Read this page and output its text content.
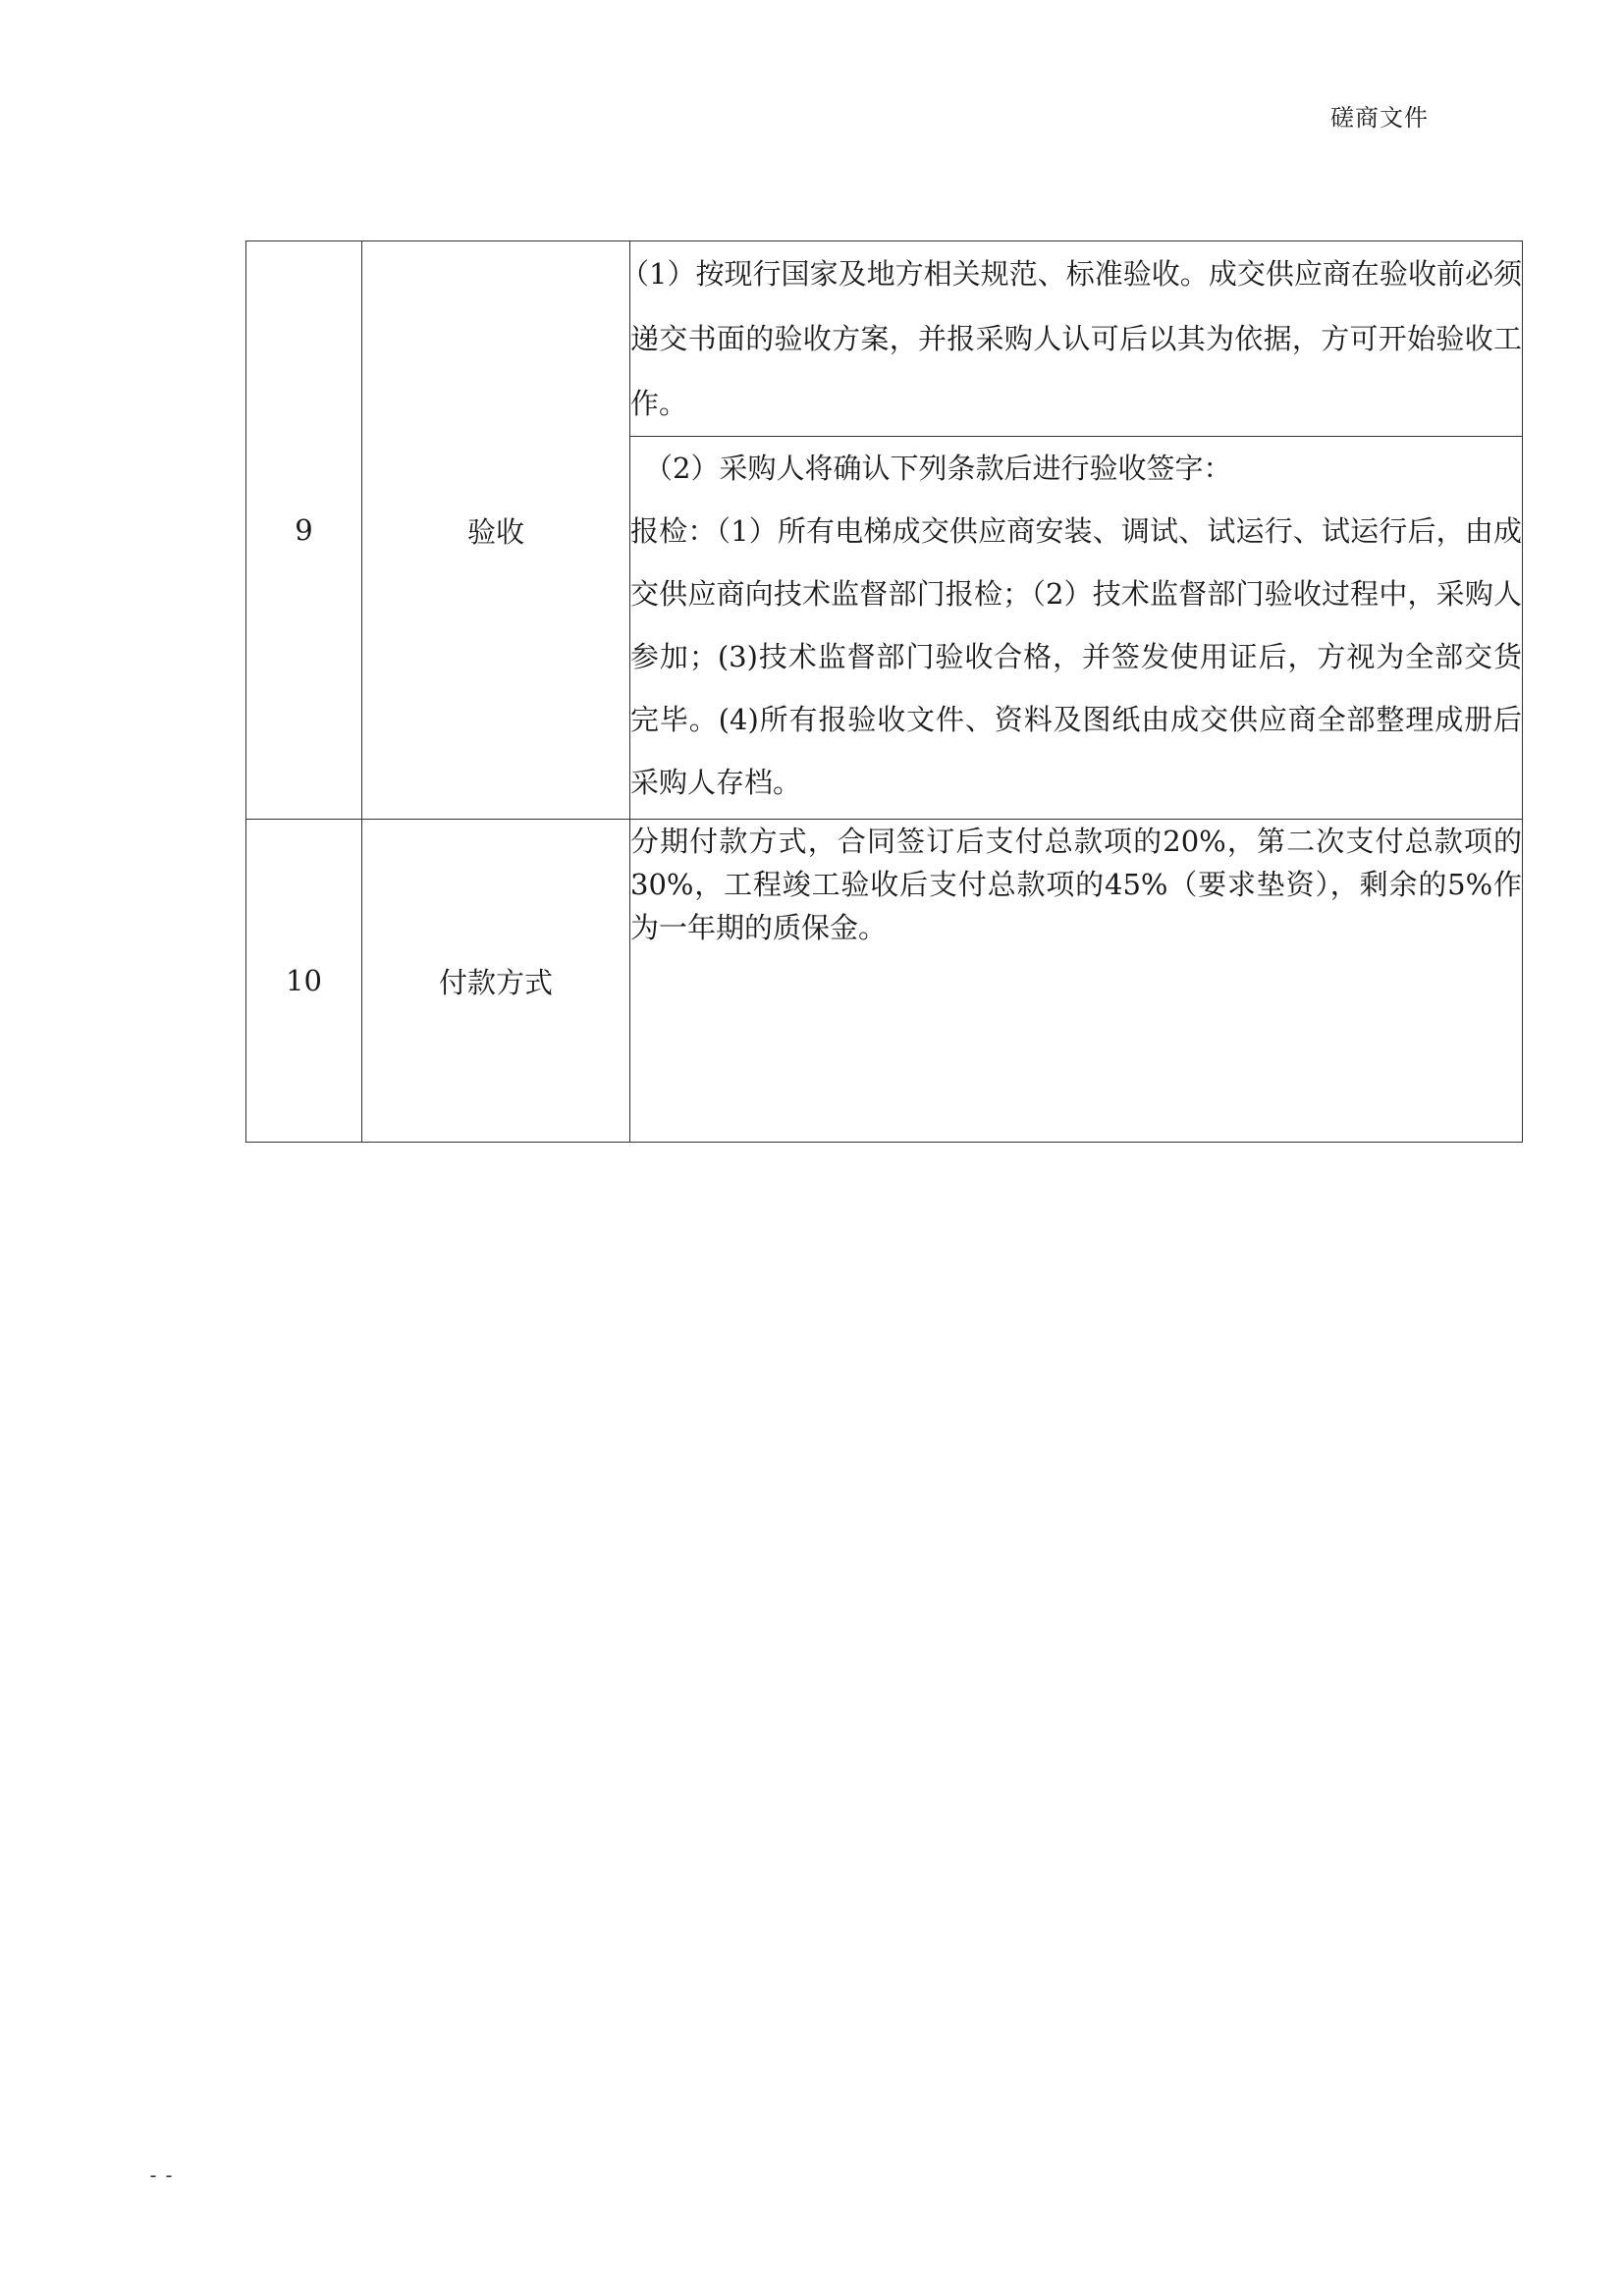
磋商文件
9	验收	（1）按现行国家及地方相关规范、标准验收。成交供应商在验收前必须递交书面的验收方案，并报采购人认可后以其为依据，方可开始验收工作。

		（2）采购人将确认下列条款后进行验收签字：
报检：（1）所有电梯成交供应商安装、调试、试运行、试运行后，由成交供应商向技术监督部门报检；（2）技术监督部门验收过程中，采购人参加；(3)技术监督部门验收合格，并签发使用证后，方视为全部交货完毕。(4)所有报验收文件、资料及图纸由成交供应商全部整理成册后采购人存档。

10	付款方式	分期付款方式，合同签订后支付总款项的20%，第二次支付总款项的30%，工程竣工验收后支付总款项的45%（要求垫资），剩余的5%作为一年期的质保金。
--
